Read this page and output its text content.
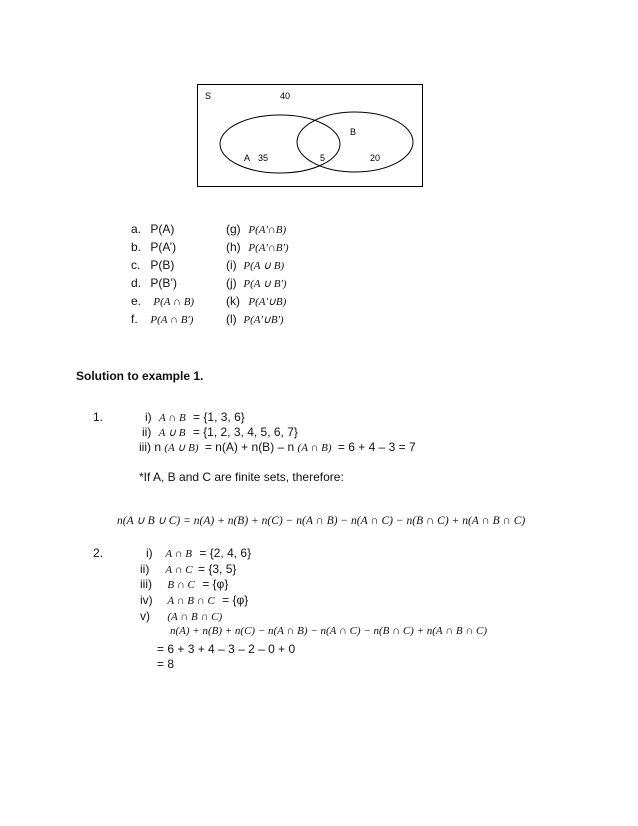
S	40
B
A 35	5	20
a. P(A)
b. P(A’)
c. P(B)
d. P(B’)
e. P(A ∩ B)
f. P(A ∩ B')
(g) P(A'∩B)
(h) P(A'∩B')
(i) P(A ∪ B)
(j) P(A ∪ B')
(k) P(A'∪B)
(l) P(A'∪B')
Solution to example 1.
1.	i) A ∩ B = {1, 3, 6}
ii) A ∪ B = {1, 2, 3, 4, 5, 6, 7}
iii) n (A ∪ B) = n(A) + n(B) – n (A ∩ B) = 6 + 4 – 3 = 7
*If A, B and C are finite sets, therefore:
n(A ∪ B ∪ C) = n(A) + n(B) + n(C) − n(A ∩ B) − n(A ∩ C) − n(B ∩ C) + n(A ∩ B ∩ C)
2.	i) A ∩ B = {2, 4, 6}
ii) A ∩ C = {3, 5}
iii) B ∩ C = {φ}
iv) A ∩ B ∩ C = {φ}
v) (A ∩ B ∩ C)
n(A) + n(B) + n(C) − n(A ∩ B) − n(A ∩ C) − n(B ∩ C) + n(A ∩ B ∩ C)
= 6 + 3 + 4 – 3 – 2 – 0 + 0
= 8
